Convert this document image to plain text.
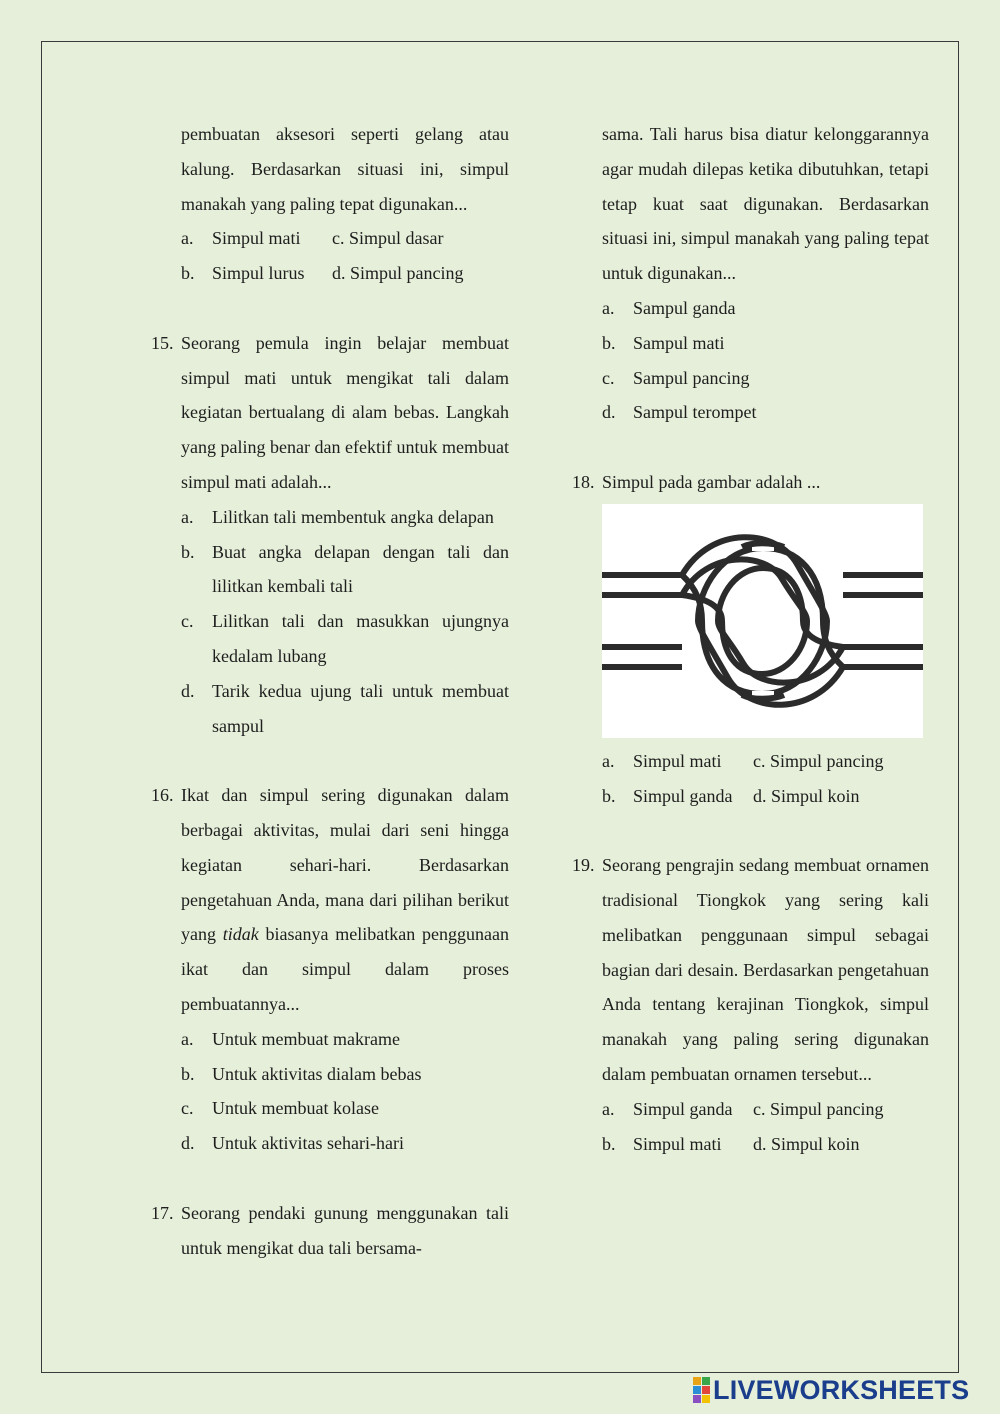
pembuatan aksesori seperti gelang atau kalung. Berdasarkan situasi ini, simpul manakah yang paling tepat digunakan...
a. Simpul mati	c. Simpul dasar
b. Simpul lurus	d. Simpul pancing
15. Seorang pemula ingin belajar membuat simpul mati untuk mengikat tali dalam kegiatan bertualang di alam bebas. Langkah yang paling benar dan efektif untuk membuat simpul mati adalah...
a. Lilitkan tali membentuk angka delapan
b. Buat angka delapan dengan tali dan lilitkan kembali tali
c. Lilitkan tali dan masukkan ujungnya kedalam lubang
d. Tarik kedua ujung tali untuk membuat sampul
16. Ikat dan simpul sering digunakan dalam berbagai aktivitas, mulai dari seni hingga kegiatan sehari-hari. Berdasarkan pengetahuan Anda, mana dari pilihan berikut yang tidak biasanya melibatkan penggunaan ikat dan simpul dalam proses pembuatannya...
a. Untuk membuat makrame
b. Untuk aktivitas dialam bebas
c. Untuk membuat kolase
d. Untuk aktivitas sehari-hari
17. Seorang pendaki gunung menggunakan tali untuk mengikat dua tali bersama-
sama. Tali harus bisa diatur kelonggarannya agar mudah dilepas ketika dibutuhkan, tetapi tetap kuat saat digunakan. Berdasarkan situasi ini, simpul manakah yang paling tepat untuk digunakan...
a. Sampul ganda
b. Sampul mati
c. Sampul pancing
d. Sampul terompet
18. Simpul pada gambar adalah ...
a. Simpul mati	c. Simpul pancing
b. Simpul ganda	d. Simpul koin
19. Seorang pengrajin sedang membuat ornamen tradisional Tiongkok yang sering kali melibatkan penggunaan simpul sebagai bagian dari desain. Berdasarkan pengetahuan Anda tentang kerajinan Tiongkok, simpul manakah yang paling sering digunakan dalam pembuatan ornamen tersebut...
a. Simpul ganda	c. Simpul pancing
b. Simpul mati	d. Simpul koin
LIVEWORKSHEETS
